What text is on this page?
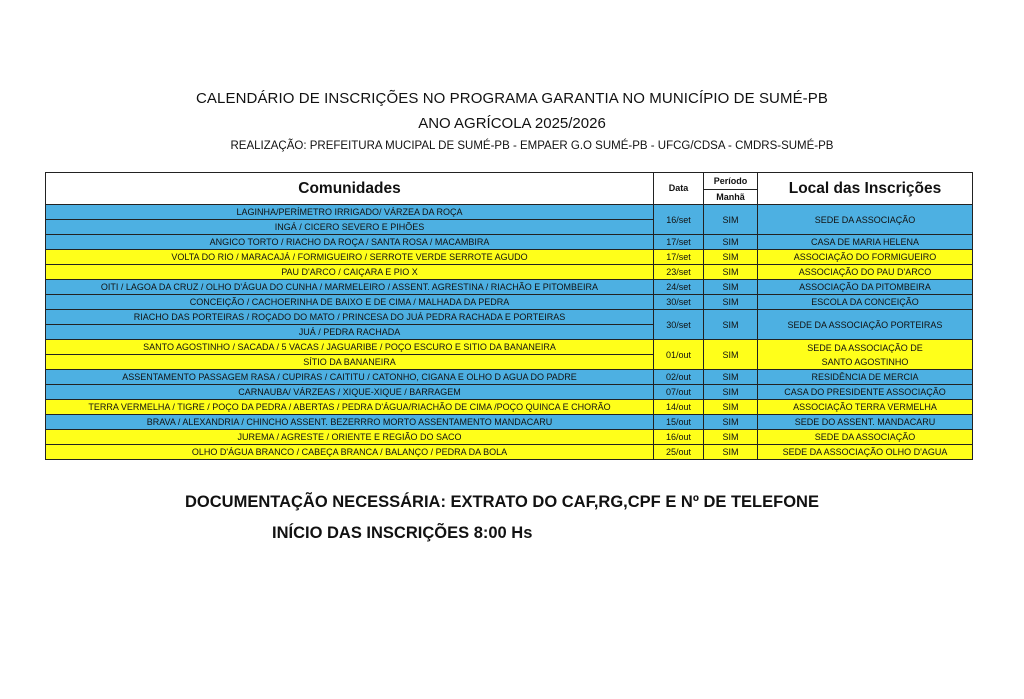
CALENDÁRIO DE INSCRIÇÕES NO PROGRAMA GARANTIA NO MUNICÍPIO DE SUMÉ-PB
ANO AGRÍCOLA 2025/2026
REALIZAÇÃO: PREFEITURA MUCIPAL DE SUMÉ-PB - EMPAER G.O SUMÉ-PB - UFCG/CDSA - CMDRS-SUMÉ-PB
Comunidades	Data	Período	Local das Inscrições
		Manhã	
LAGINHA/PERÍMETRO IRRIGADO/ VÁRZEA DA ROÇA	16/set	SIM	SEDE DA ASSOCIAÇÃO
INGÁ / CICERO SEVERO E PIHÕES			
ANGICO TORTO / RIACHO DA ROÇA / SANTA ROSA / MACAMBIRA	17/set	SIM	CASA DE MARIA HELENA
VOLTA DO RIO / MARACAJÁ / FORMIGUEIRO / SERROTE VERDE SERROTE AGUDO	17/set	SIM	ASSOCIAÇÃO DO FORMIGUEIRO
PAU D'ARCO / CAIÇARA E PIO X	23/set	SIM	ASSOCIAÇÃO DO PAU D'ARCO
OITI / LAGOA DA CRUZ / OLHO D'ÁGUA DO CUNHA / MARMELEIRO / ASSENT. AGRESTINA / RIACHÃO E PITOMBEIRA	24/set	SIM	ASSOCIAÇÃO DA PITOMBEIRA
CONCEIÇÃO / CACHOERINHA DE BAIXO E DE CIMA / MALHADA DA PEDRA	30/set	SIM	ESCOLA DA CONCEIÇÃO
RIACHO DAS PORTEIRAS / ROÇADO DO MATO / PRINCESA DO JUÁ PEDRA RACHADA E PORTEIRAS	30/set	SIM	SEDE DA ASSOCIAÇÃO PORTEIRAS
JUÁ / PEDRA RACHADA			
SANTO AGOSTINHO / SACADA / 5 VACAS / JAGUARIBE / POÇO ESCURO E SITIO DA BANANEIRA	01/out	SIM	SEDE DA ASSOCIAÇÃO DE
SANTO AGOSTINHO

SÍTIO DA BANANEIRA			
ASSENTAMENTO PASSAGEM RASA / CUPIRAS / CAITITU / CATONHO, CIGANA E OLHO D AGUA DO PADRE	02/out	SIM	RESIDÊNCIA DE MERCIA
CARNAUBA/ VÁRZEAS / XIQUE-XIQUE / BARRAGEM	07/out	SIM	CASA DO PRESIDENTE ASSOCIAÇÃO
TERRA VERMELHA / TIGRE / POÇO DA PEDRA / ABERTAS / PEDRA D'ÁGUA/RIACHÃO DE CIMA /POÇO QUINCA E CHORÃO	14/out	SIM	ASSOCIAÇÃO TERRA VERMELHA
BRAVA / ALEXANDRIA / CHINCHO ASSENT. BEZERRRO MORTO ASSENTAMENTO MANDACARU	15/out	SIM	SEDE DO ASSENT. MANDACARU
JUREMA / AGRESTE / ORIENTE E REGIÃO DO SACO	16/out	SIM	SEDE DA ASSOCIAÇÃO
OLHO D'ÁGUA BRANCO / CABEÇA BRANCA / BALANÇO / PEDRA DA BOLA	25/out	SIM	SEDE DA ASSOCIAÇÃO OLHO D'AGUA
DOCUMENTAÇÃO NECESSÁRIA: EXTRATO DO CAF,RG,CPF E Nº DE TELEFONE
INÍCIO DAS INSCRIÇÕES 8:00 Hs
